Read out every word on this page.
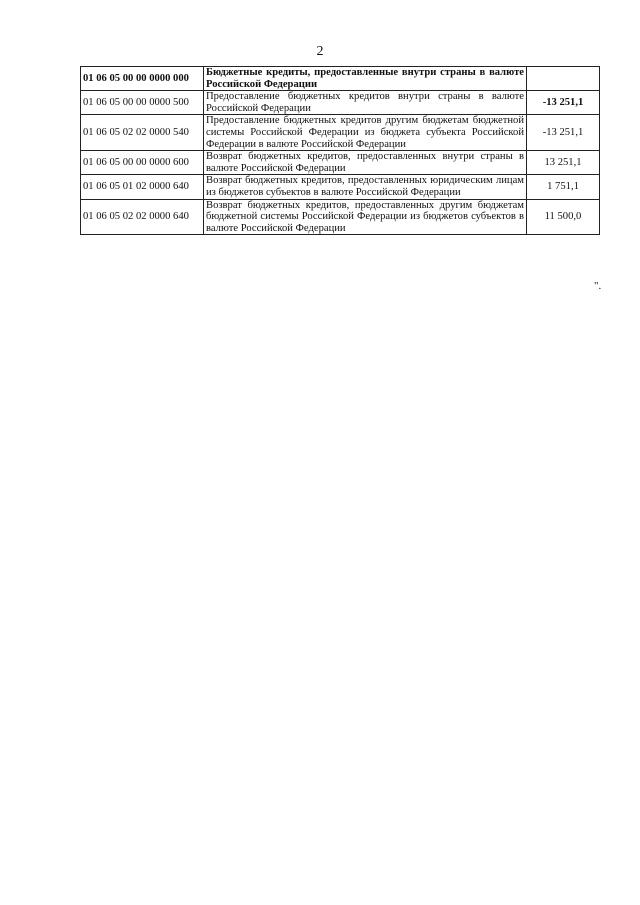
2
01 06 05 00 00 0000 000	Бюджетные кредиты, предоставленные внутри страны в валюте Российской Федерации	
01 06 05 00 00 0000 500	Предоставление бюджетных кредитов внутри страны в валюте Российской Федерации	-13 251,1
01 06 05 02 02 0000 540	Предоставление бюджетных кредитов другим бюджетам бюджетной системы Российской Федерации из бюджета субъекта Российской Федерации в валюте Российской Федерации	-13 251,1
01 06 05 00 00 0000 600	Возврат бюджетных кредитов, предоставленных внутри страны в валюте Российской Федерации	13 251,1
01 06 05 01 02 0000 640	Возврат бюджетных кредитов, предоставленных юридическим лицам из бюджетов субъектов в валюте Российской Федерации	1 751,1
01 06 05 02 02 0000 640	Возврат бюджетных кредитов, предоставленных другим бюджетам бюджетной системы Российской Федерации из бюджетов субъектов в валюте Российской Федерации	11 500,0
".
